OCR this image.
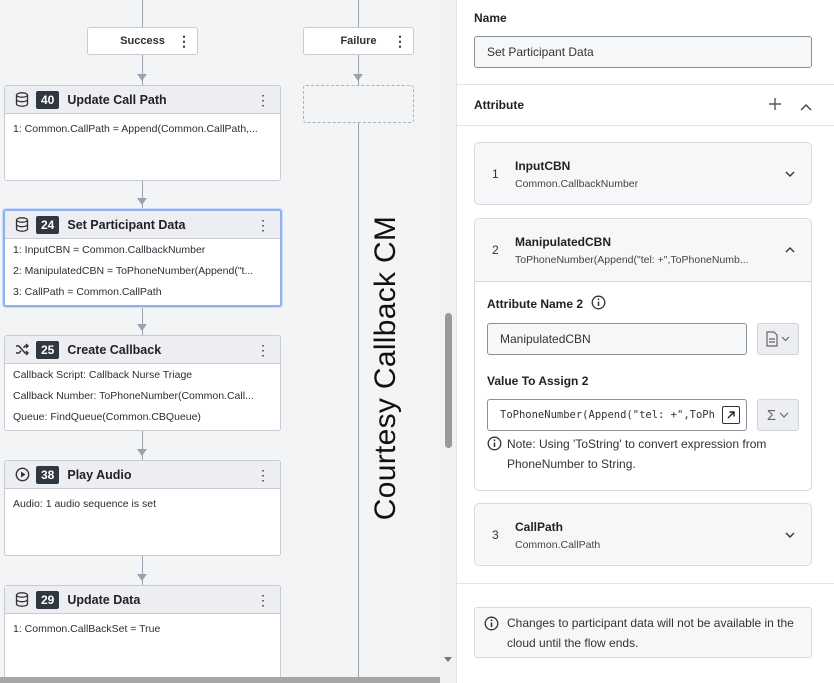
Success ⋮	Failure ⋮
40	Update Call Path	⋮
1: Common.CallPath = Append(Common.CallPath,...
24	Set Participant Data	⋮
1: InputCBN = Common.CallbackNumber
2: ManipulatedCBN = ToPhoneNumber(Append("t...
3: CallPath = Common.CallPath
25	Create Callback	⋮
Callback Script: Callback Nurse Triage
Callback Number: ToPhoneNumber(Common.Call...
Queue: FindQueue(Common.CBQueue)
38	Play Audio	⋮
Audio: 1 audio sequence is set
29	Update Data	⋮
1: Common.CallBackSet = True
Courtesy Callback CM
Name
Set Participant Data
Attribute
1
InputCBN
Common.CallbackNumber
2
ManipulatedCBN
ToPhoneNumber(Append("tel: +",ToPhoneNumb...
Attribute Name 2
ManipulatedCBN
Value To Assign 2
ToPhoneNumber(Append("tel: +",ToPh	Σ
Note: Using 'ToString' to convert expression from
PhoneNumber to String.
3
CallPath
Common.CallPath
Changes to participant data will not be available in the
cloud until the flow ends.
